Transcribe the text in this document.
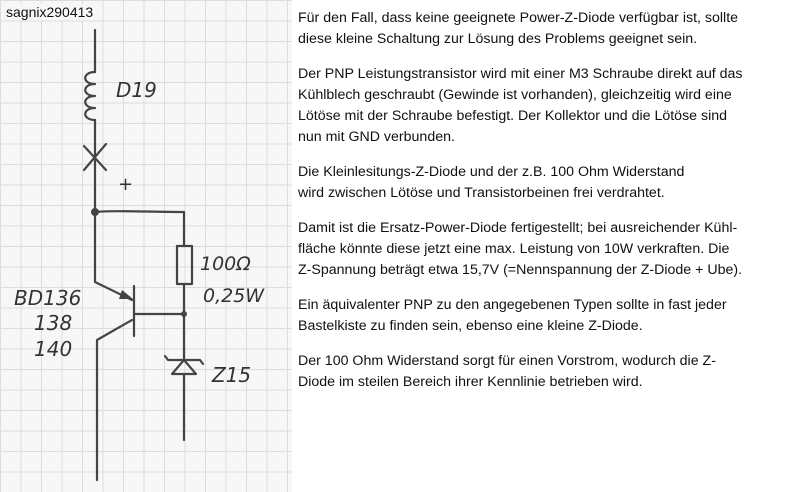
D19
+
100Ω
0,25W
BD136
138
140
Z15
sagnix290413	Für den Fall, dass keine geeignete Power-Z-Diode verfügbar ist, sollte
diese kleine Schaltung zur Lösung des Problems geeignet sein.

Der PNP Leistungstransistor wird mit einer M3 Schraube direkt auf das
Kühlblech geschraubt (Gewinde ist vorhanden), gleichzeitig wird eine
Lötöse mit der Schraube befestigt. Der Kollektor und die Lötöse sind
nun mit GND verbunden.

Die Kleinlesitungs-Z-Diode und der z.B. 100 Ohm Widerstand
wird zwischen Lötöse und Transistorbeinen frei verdrahtet.

Damit ist die Ersatz-Power-Diode fertigestellt; bei ausreichender Kühl-
fläche könnte diese jetzt eine max. Leistung von 10W verkraften. Die
Z-Spannung beträgt etwa 15,7V (=Nennspannung der Z-Diode + Ube).

Ein äquivalenter PNP zu den angegebenen Typen sollte in fast jeder
Bastelkiste zu finden sein, ebenso eine kleine Z-Diode.

Der 100 Ohm Widerstand sorgt für einen Vorstrom, wodurch die Z-
Diode im steilen Bereich ihrer Kennlinie betrieben wird.
